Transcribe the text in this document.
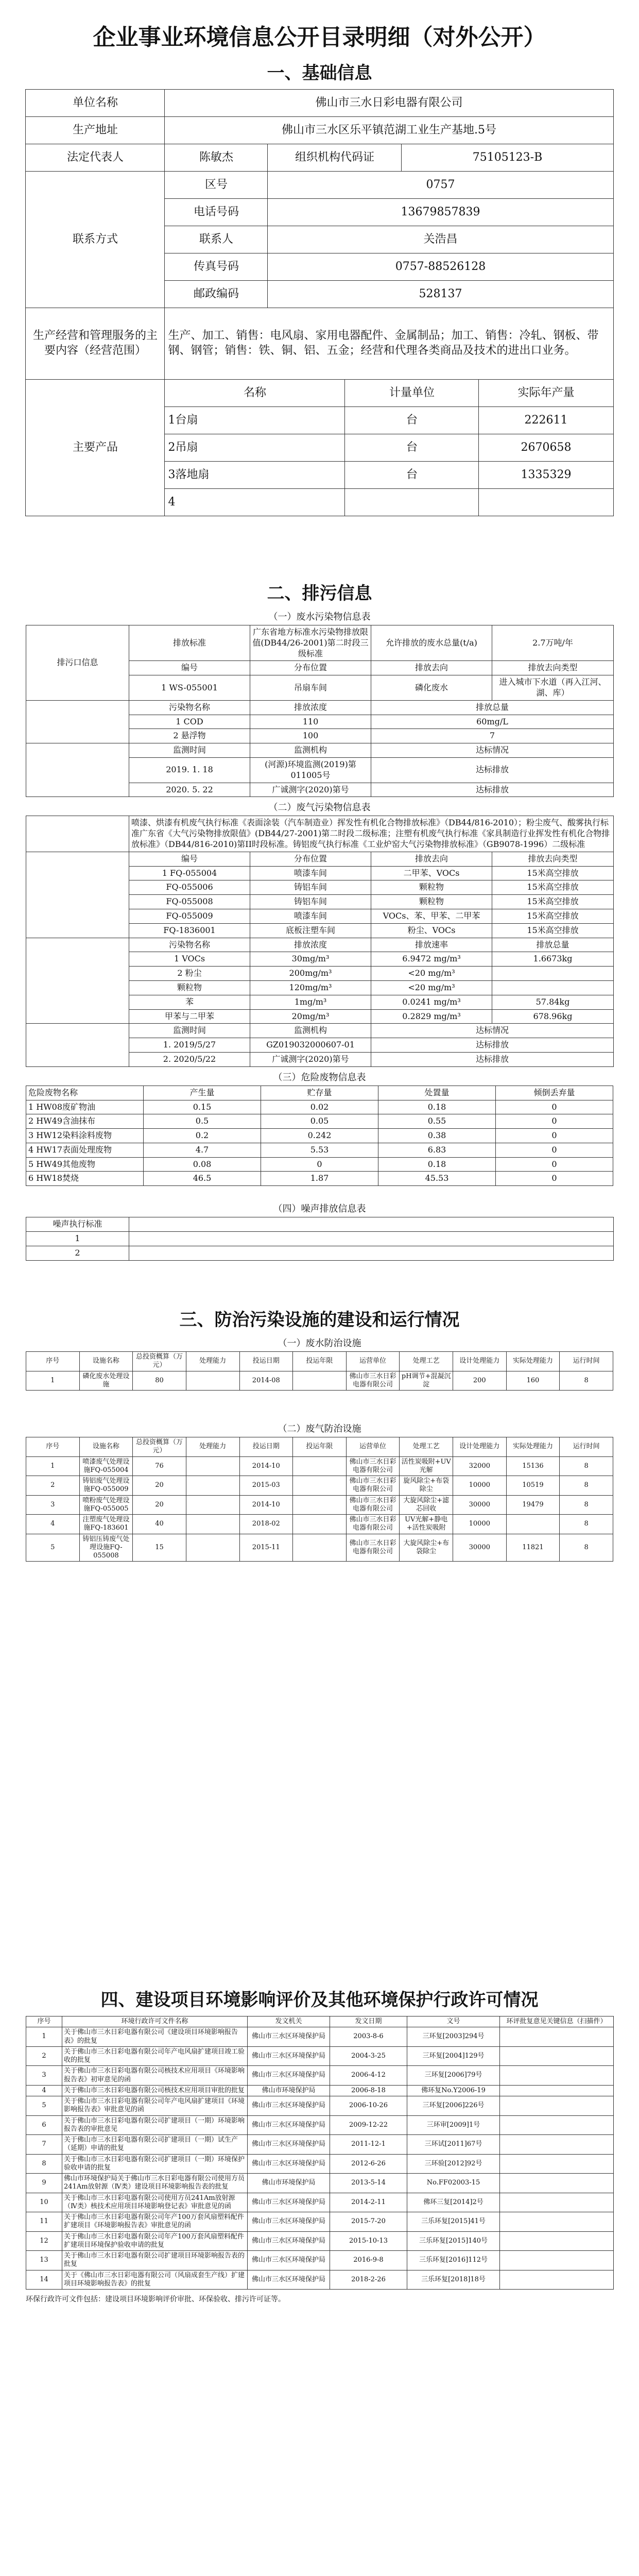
企业事业环境信息公开目录明细（对外公开）
一、基础信息
单位名称	佛山市三水日彩电器有限公司				
生产地址	佛山市三水区乐平镇范湖工业生产基地.5号				
法定代表人	陈敏杰	组织机构代码证		75105123-B	
联系方式	区号	0757			
	电话号码	13679857839			
	联系人	关浩昌			
	传真号码	0757-88526128			
	邮政编码	528137			
生产经营和管理服务的主要内容（经营范围）	生产、加工、销售：电风扇、家用电器配件、金属制品；加工、销售：冷轧、钢板、带钢、钢管；销售：铁、铜、铝、五金；经营和代理各类商品及技术的进出口业务。				
主要产品	名称		计量单位		实际年产量
	1台扇		台		222611
	2吊扇		台		2670658
	3落地扇		台		1335329
	4				
二、排污信息
（一）废水污染物信息表
排污口信息	排放标准	广东省地方标准水污染物排放限值(DB44/26-2001)第二时段三级标准	允许排放的废水总量(t/a)	2.7万吨/年
	编号	分布位置	排放去向	排放去向类型
	1 WS-055001	吊扇车间	磷化废水	进入城市下水道（再入江河、湖、库）
	污染物名称	排放浓度	排放总量	
	1 COD	110	60mg/L	
	2 悬浮物	100	7	
	监测时间	监测机构	达标情况	
	2019. 1. 18	(河源)环境监测(2019)第011005号	达标排放	
	2020. 5. 22	广诚测字(2020)第号	达标排放	
（二）废气污染物信息表
	喷漆、烘漆有机废气执行标准《表面涂装（汽车制造业）挥发性有机化合物排放标准》（DB44/816-2010）；粉尘废气、酸雾执行标准广东省《大气污染物排放限值》(DB44/27-2001)第二时段二级标准；注塑有机废气执行标准《家具制造行业挥发性有机化合物排放标准》（DB44/816-2010)第II时段标准。铸铝废气执行标准《工业炉窑大气污染物排放标准》（GB9078-1996）二级标准			
	编号	分布位置	排放去向	排放去向类型
	1 FQ-055004	喷漆车间	二甲苯、VOCs	15米高空排放
	FQ-055006	铸铝车间	颗粒物	15米高空排放
	FQ-055008	铸铝车间	颗粒物	15米高空排放
	FQ-055009	喷漆车间	VOCs、苯、甲苯、二甲苯	15米高空排放
	FQ-1836001	底板注塑车间	粉尘、VOCs	15米高空排放
	污染物名称	排放浓度	排放速率	排放总量
	1 VOCs	30mg/m³	6.9472 mg/m³	1.6673kg
	2 粉尘	200mg/m³	<20 mg/m³	
	颗粒物	120mg/m³	<20 mg/m³	
	苯	1mg/m³	0.0241 mg/m³	57.84kg
	甲苯与二甲苯	20mg/m³	0.2829 mg/m³	678.96kg
	监测时间	监测机构	达标情况	
	1. 2019/5/27	GZ019032000607-01	达标排放	
	2. 2020/5/22	广诚测字(2020)第号	达标排放	
（三）危险废物信息表
危险废物名称	产生量	贮存量	处置量	倾倒丢弃量
1 HW08废矿物油	0.15	0.02	0.18	0
2 HW49含油抹布	0.5	0.05	0.55	0
3 HW12染料涂料废物	0.2	0.242	0.38	0
4 HW17表面处理废物	4.7	5.53	6.83	0
5 HW49其他废物	0.08	0	0.18	0
6 HW18焚烧	46.5	1.87	45.53	0
（四）噪声排放信息表
噪声执行标准	
1	
2	
三、防治污染设施的建设和运行情况
（一）废水防治设施
序号	设施名称	总投资概算（万元）	处理能力	投运日期	投运年限	运营单位	处理工艺	设计处理能力	实际处理能力	运行时间
1	磷化废水处理设施	80		2014-08		佛山市三水日彩电器有限公司	pH调节+混凝沉淀	200	160	8
（二）废气防治设施
序号	设施名称	总投资概算（万元）	处理能力	投运日期	投运年限	运营单位	处理工艺	设计处理能力	实际处理能力	运行时间
1	喷漆废气处理设施FQ-055004	76		2014-10		佛山市三水日彩电器有限公司	活性炭吸附+UV光解	32000	15136	8
2	铸铝废气处理设施FQ-055009	20		2015-03		佛山市三水日彩电器有限公司	旋风除尘+布袋除尘	10000	10519	8
3	喷粉废气处理设施FQ-055005	20		2014-10		佛山市三水日彩电器有限公司	大旋风除尘+滤芯回收	30000	19479	8
4	注塑废气处理设施FQ-183601	40		2018-02		佛山市三水日彩电器有限公司	UV光解+静电+活性炭吸附	10000		8
5	铸铝压铸废气处理设施FQ-055008	15		2015-11		佛山市三水日彩电器有限公司	大旋风除尘+布袋除尘	30000	11821	8
四、建设项目环境影响评价及其他环境保护行政许可情况
序号	环境行政许可文件名称	发文机关	发文日期	文号	环评批复意见关键信息（扫描件）
1	关于佛山市三水日彩电器有限公司《建设项目环境影响报告表》的批复	佛山市三水区环境保护局	2003-8-6	三环复[2003]294号	
2	关于佛山市三水日彩电器有限公司年产电风扇扩建项目竣工验收的批复	佛山市三水区环境保护局	2004-3-25	三环复[2004]129号	
3	关于佛山市三水日彩电器有限公司核技术应用项目《环境影响报告表》初审意见的函	佛山市三水区环境保护局	2006-4-12	三环复[2006]79号	
4	关于佛山市三水日彩电器有限公司核技术应用项目审批的批复	佛山市环境保护局	2006-8-18	佛环复No.Y2006-19	
5	关于佛山市三水日彩电器有限公司年产电风扇扩建项目《环境影响报告表》审批意见的函	佛山市三水区环境保护局	2006-10-26	三环复[2006]226号	
6	关于佛山市三水日彩电器有限公司扩建项目（一期）环境影响报告表的审批意见	佛山市三水区环境保护局	2009-12-22	三环审[2009]1号	
7	关于佛山市三水日彩电器有限公司扩建项目（一期）试生产（延期）申请的批复	佛山市三水区环境保护局	2011-12-1	三环试[2011]67号	
8	关于佛山市三水日彩电器有限公司扩建项目（一期）环境保护验收申请的批复	佛山市三水区环境保护局	2012-6-26	三环验[2012]92号	
9	佛山市环境保护局关于佛山市三水日彩电器有限公司使用方员241Am放射源（Ⅳ类）建设项目环境影响报告表的批复	佛山市环境保护局	2013-5-14	No.FF02003-15	
10	关于佛山市三水日彩电器有限公司使用方员241Am放射源（Ⅳ类）核技术应用项目环境影响登记表》审批意见的函	佛山市三水区环境保护局	2014-2-11	佛环三复[2014]2号	
11	关于佛山市三水日彩电器有限公司年产100万套风扇塑料配件扩建项目《环境影响报告表》审批意见的函	佛山市三水区环境保护局	2015-7-20	三乐环复[2015]41号	
12	关于佛山市三水日彩电器有限公司年产100万套风扇塑料配件扩建项目环境保护验收申请的批复	佛山市三水区环境保护局	2015-10-13	三乐环复[2015]140号	
13	关于佛山市三水日彩电器有限公司扩建项目环境影响报告表的批复	佛山市三水区环境保护局	2016-9-8	三乐环复[2016]112号	
14	关于《佛山市三水日彩电器有限公司（风扇成套生产线）扩建项目环境影响报告表》的批复	佛山市三水区环境保护局	2018-2-26	三乐环复[2018]18号	
环保行政许可文件包括：建设项目环境影响评价审批、环保验收、排污许可证等。
